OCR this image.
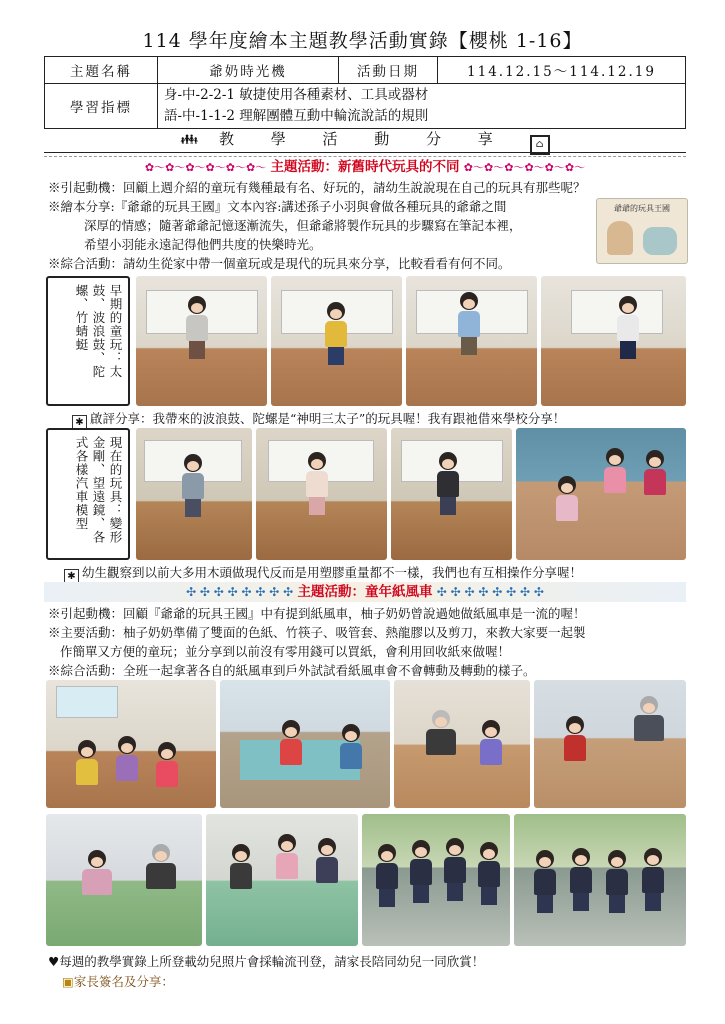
114 學年度繪本主題教學活動實錄【櫻桃 1-16】
主題名稱	爺奶時光機	活動日期	114.12.15～114.12.19
學習指標	身-中-2-2-1 敏捷使用各種素材、工具或器材
語-中-1-1-2 理解團體互動中輪流說話的規則		
👪︎ 教 學 活 動 分 享	⌂
✿～✿～✿～✿～✿～✿～ 主題活動：新舊時代玩具的不同 ✿～✿～✿～✿～✿～✿～
※引起動機：回顧上週介紹的童玩有幾種最有名、好玩的，請幼生說說現在自己的玩具有那些呢？
※繪本分享:『爺爺的玩具王國』文本內容:講述孫子小羽與會做各種玩具的爺爺之間
深厚的情感；隨著爺爺記憶逐漸流失，但爺爺將製作玩具的步驟寫在筆記本裡，
希望小羽能永遠記得他們共度的快樂時光。
※綜合活動：請幼生從家中帶一個童玩或是現代的玩具來分享，比較看看有何不同。
爺爺的玩具王國
早期的童玩：太鼓、波浪鼓、陀螺、竹蜻蜓
✱ 啟評分享：我帶來的波浪鼓、陀螺是“神明三太子”的玩具喔！我有跟祂借來學校分享！
現在的玩具：變形金剛、望遠鏡、各式各樣汽車模型
✱ 幼生觀察到以前大多用木頭做現代反而是用塑膠重量都不一樣，我們也有互相操作分享喔！
✣ ✣ ✣ ✣ ✣ ✣ ✣ ✣ 主題活動：童年紙風車 ✣ ✣ ✣ ✣ ✣ ✣ ✣ ✣
※引起動機：回顧『爺爺的玩具王國』中有提到紙風車，柚子奶奶曾說過她做紙風車是一流的喔！
※主要活動：柚子奶奶準備了雙面的色紙、竹筷子、吸管套、熱龍膠以及剪刀，來教大家要一起製
作簡單又方便的童玩；並分享到以前沒有零用錢可以買紙，會利用回收紙來做喔！
※綜合活動：全班一起拿著各自的紙風車到戶外試試看紙風車會不會轉動及轉動的樣子。
♥每週的教學實錄上所登載幼兒照片會採輪流刊登，請家長陪同幼兒一同欣賞！
▣家長簽名及分享：
